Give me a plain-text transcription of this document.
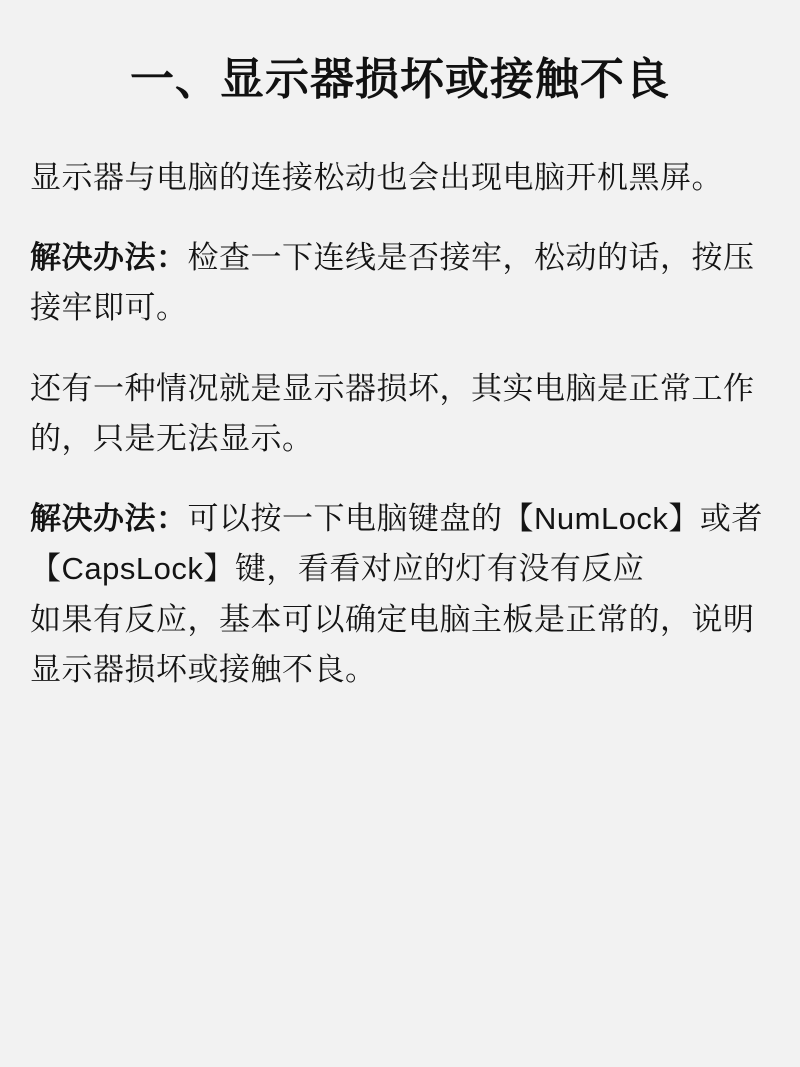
一、显示器损坏或接触不良

显示器与电脑的连接松动也会出现电脑开机黑屏。

解决办法：检查一下连线是否接牢，松动的话，按压接牢即可。

还有一种情况就是显示器损坏，其实电脑是正常工作的，只是无法显示。

解决办法：可以按一下电脑键盘的【NumLock】或者【CapsLock】键，看看对应的灯有没有反应

如果有反应，基本可以确定电脑主板是正常的，说明显示器损坏或接触不良。
